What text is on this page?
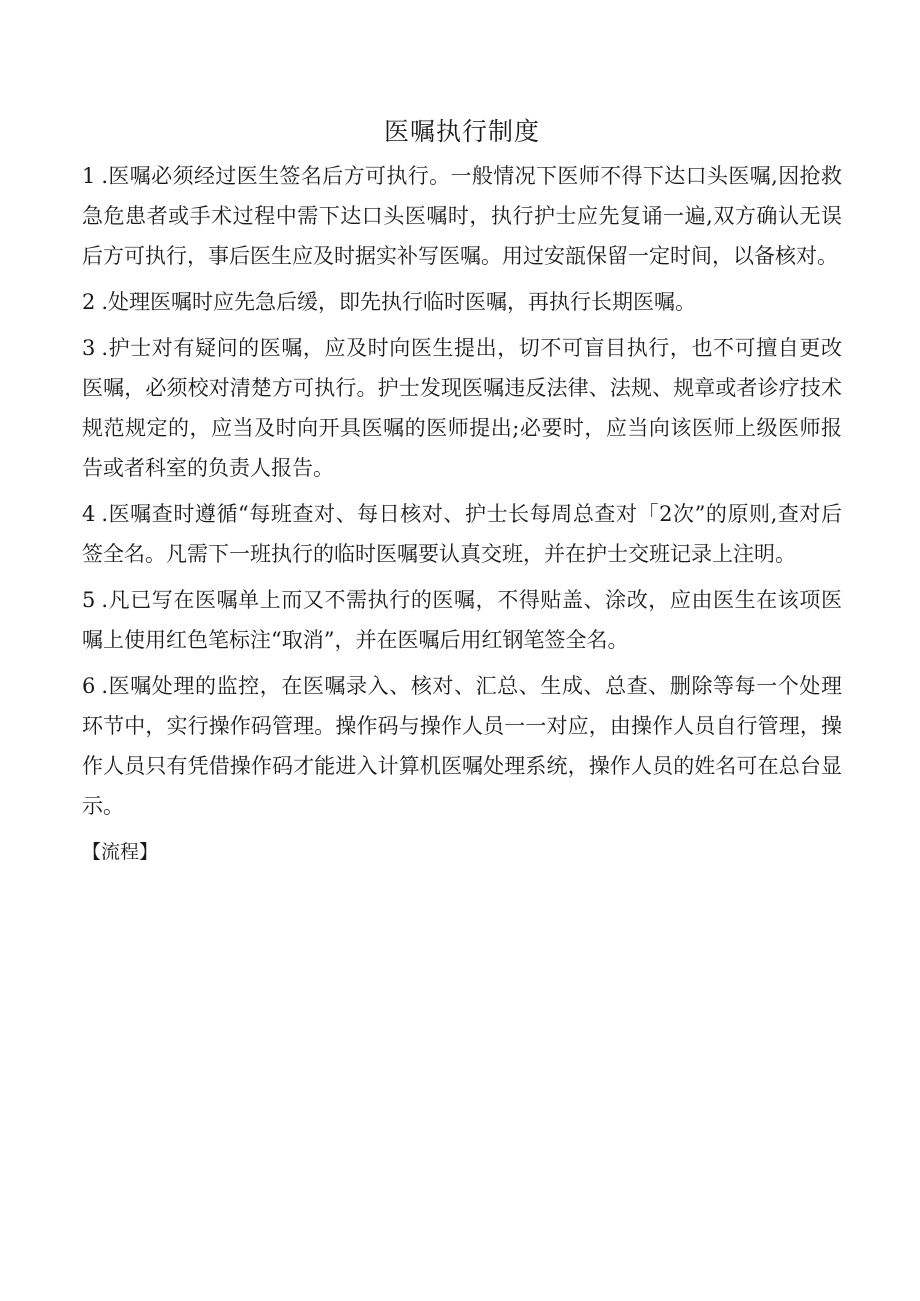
医嘱执行制度

1 .医嘱必须经过医生签名后方可执行。一般情况下医师不得下达口头医嘱,因抢救急危患者或手术过程中需下达口头医嘱时，执行护士应先复诵一遍,双方确认无误后方可执行，事后医生应及时据实补写医嘱。用过安瓿保留一定时间，以备核对。

2 .处理医嘱时应先急后缓，即先执行临时医嘱，再执行长期医嘱。

3 .护士对有疑问的医嘱，应及时向医生提出，切不可盲目执行，也不可擅自更改医嘱，必须校对清楚方可执行。护士发现医嘱违反法律、法规、规章或者诊疗技术规范规定的，应当及时向开具医嘱的医师提出;必要时，应当向该医师上级医师报告或者科室的负责人报告。

4 .医嘱查时遵循“每班查对、每日核对、护士长每周总查对「2次”的原则,查对后签全名。凡需下一班执行的临时医嘱要认真交班，并在护士交班记录上注明。

5 .凡已写在医嘱单上而又不需执行的医嘱，不得贴盖、涂改，应由医生在该项医嘱上使用红色笔标注“取消”，并在医嘱后用红钢笔签全名。

6 .医嘱处理的监控，在医嘱录入、核对、汇总、生成、总查、删除等每一个处理环节中，实行操作码管理。操作码与操作人员一一对应，由操作人员自行管理，操作人员只有凭借操作码才能进入计算机医嘱处理系统，操作人员的姓名可在总台显示。

【流程】
